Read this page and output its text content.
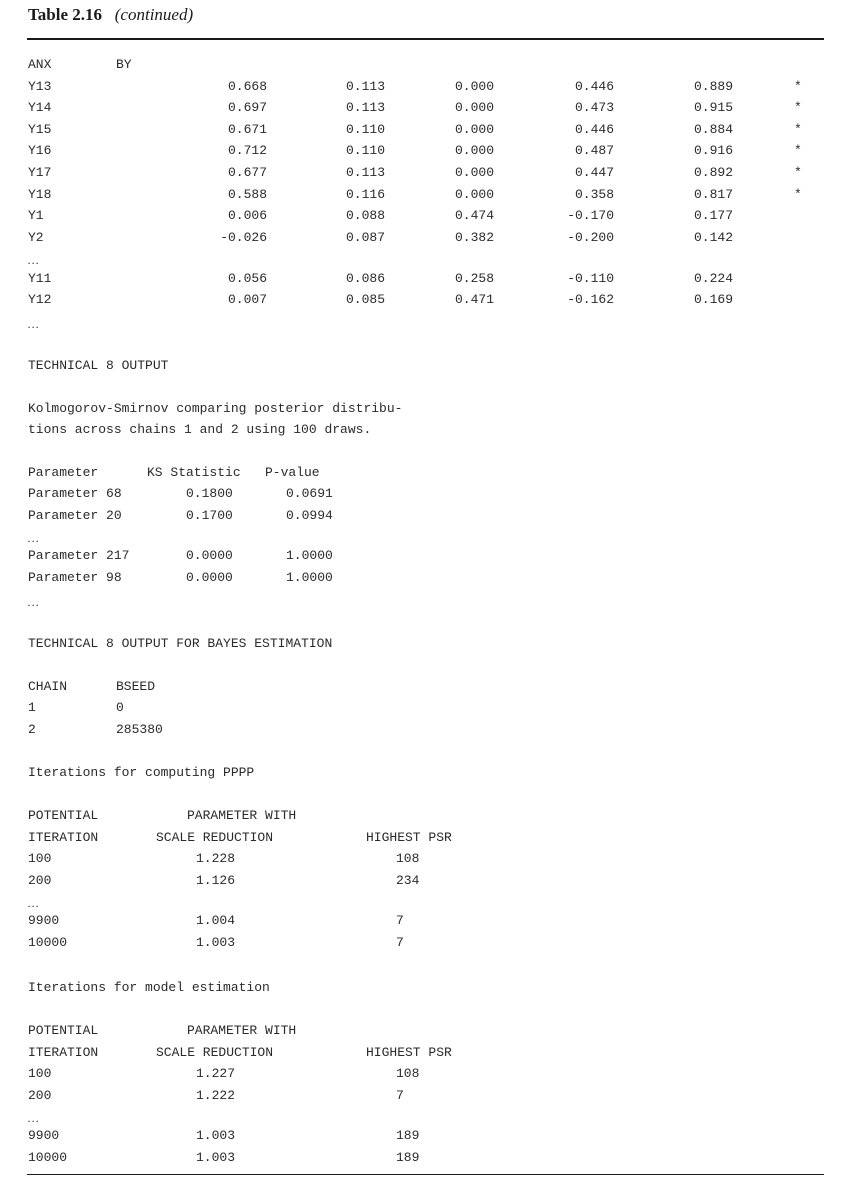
Table 2.16 (continued)
ANX	BY
Y13	0.668	0.113	0.000	0.446	0.889	*
Y14	0.697	0.113	0.000	0.473	0.915	*
Y15	0.671	0.110	0.000	0.446	0.884	*
Y16	0.712	0.110	0.000	0.487	0.916	*
Y17	0.677	0.113	0.000	0.447	0.892	*
Y18	0.588	0.116	0.000	0.358	0.817	*
Y1	0.006	0.088	0.474	-0.170	0.177
Y2	-0.026	0.087	0.382	-0.200	0.142
…
Y11	0.056	0.086	0.258	-0.110	0.224
Y12	0.007	0.085	0.471	-0.162	0.169
…
TECHNICAL 8 OUTPUT
Kolmogorov-Smirnov comparing posterior distribu-
tions across chains 1 and 2 using 100 draws.
Parameter	KS Statistic P-value
Parameter 68	0.1800	0.0691
Parameter 20	0.1700	0.0994
…
Parameter 217	0.0000	1.0000
Parameter 98	0.0000	1.0000
…
TECHNICAL 8 OUTPUT FOR BAYES ESTIMATION
CHAIN	BSEED
1	0
2	285380
Iterations for computing PPPP
POTENTIAL	PARAMETER WITH
ITERATION	SCALE REDUCTION	HIGHEST PSR
100	1.228	108
200	1.126	234
…
9900	1.004	7
10000	1.003	7
Iterations for model estimation
POTENTIAL	PARAMETER WITH
ITERATION	SCALE REDUCTION	HIGHEST PSR
100	1.227	108
200	1.222	7
…
9900	1.003	189
10000	1.003	189
